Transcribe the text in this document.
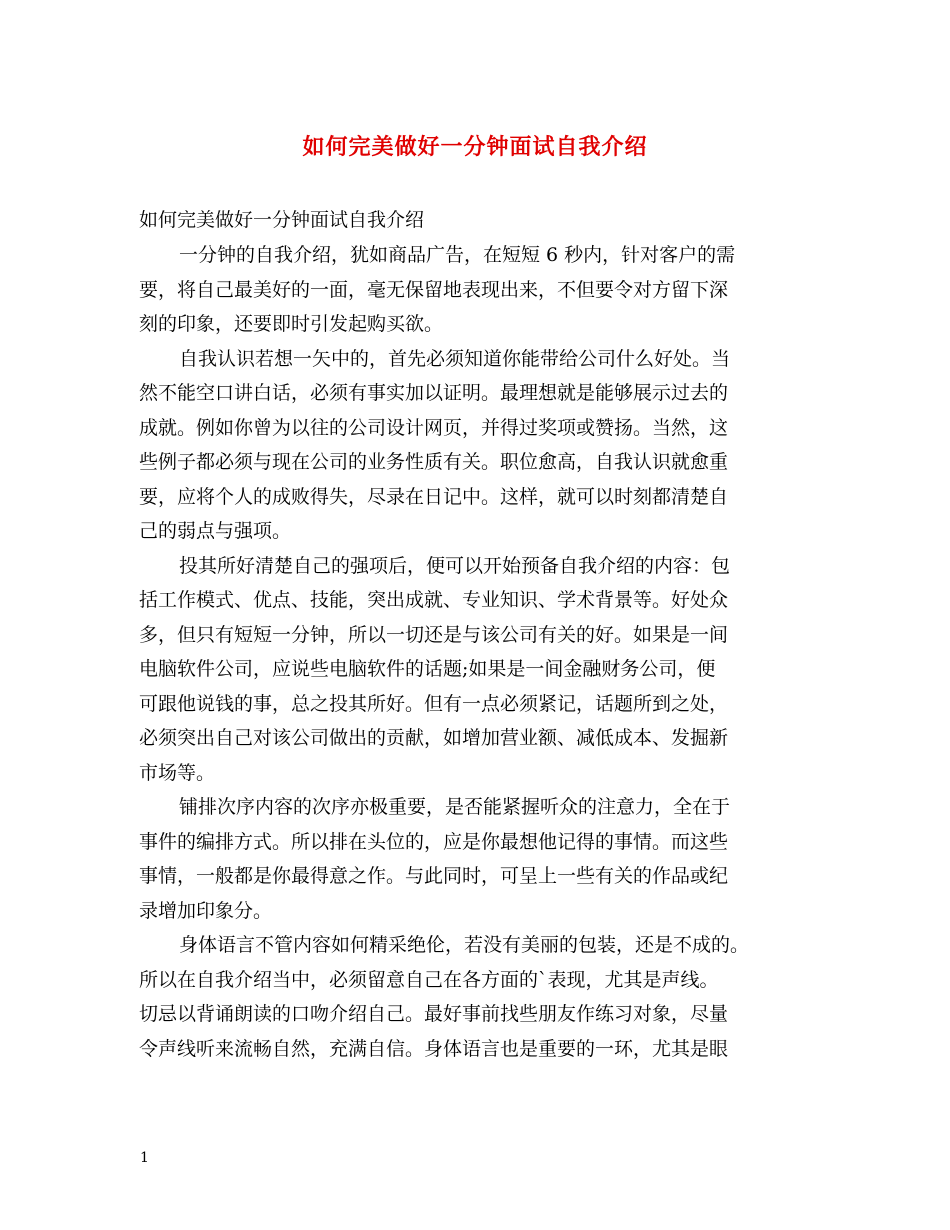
如何完美做好一分钟面试自我介绍
如何完美做好一分钟面试自我介绍
一分钟的自我介绍，犹如商品广告，在短短 6 秒内，针对客户的需
要，将自己最美好的一面，毫无保留地表现出来，不但要令对方留下深
刻的印象，还要即时引发起购买欲。
自我认识若想一矢中的，首先必须知道你能带给公司什么好处。当
然不能空口讲白话，必须有事实加以证明。最理想就是能够展示过去的
成就。例如你曾为以往的公司设计网页，并得过奖项或赞扬。当然，这
些例子都必须与现在公司的业务性质有关。职位愈高，自我认识就愈重
要，应将个人的成败得失，尽录在日记中。这样，就可以时刻都清楚自
己的弱点与强项。
投其所好清楚自己的强项后，便可以开始预备自我介绍的内容：包
括工作模式、优点、技能，突出成就、专业知识、学术背景等。好处众
多，但只有短短一分钟，所以一切还是与该公司有关的好。如果是一间
电脑软件公司，应说些电脑软件的话题;如果是一间金融财务公司，便
可跟他说钱的事，总之投其所好。但有一点必须紧记，话题所到之处，
必须突出自己对该公司做出的贡献，如增加营业额、减低成本、发掘新
市场等。
铺排次序内容的次序亦极重要，是否能紧握听众的注意力，全在于
事件的编排方式。所以排在头位的，应是你最想他记得的事情。而这些
事情，一般都是你最得意之作。与此同时，可呈上一些有关的作品或纪
录增加印象分。
身体语言不管内容如何精采绝伦，若没有美丽的包装，还是不成的。
所以在自我介绍当中，必须留意自己在各方面的`表现，尤其是声线。
切忌以背诵朗读的口吻介绍自己。最好事前找些朋友作练习对象，尽量
令声线听来流畅自然，充满自信。身体语言也是重要的一环，尤其是眼
1
